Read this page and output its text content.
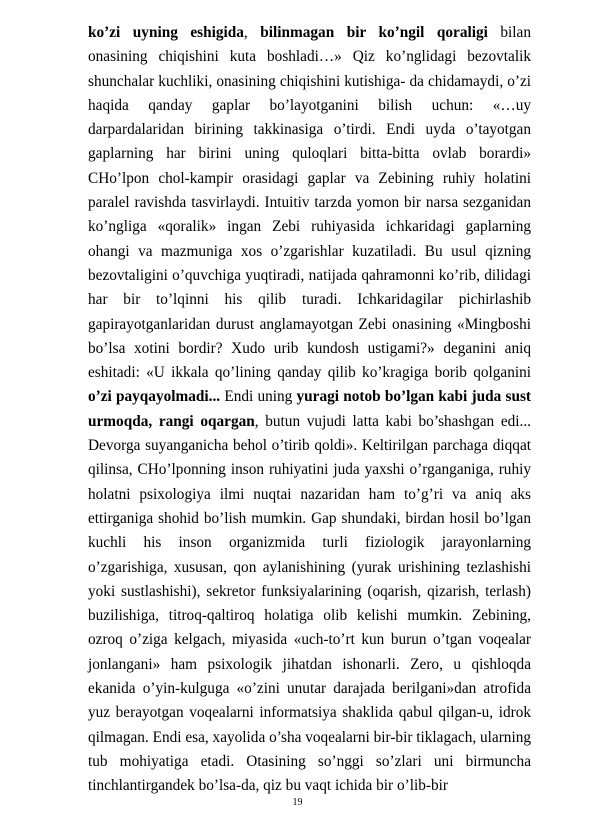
ko’zi uyning eshigida, bilinmagan bir ko’ngil qoraligi bilan onasining chiqishini kuta boshladi…» Qiz ko’nglidagi bezovtalik shunchalar kuchliki, onasining chiqishini kutishiga- da chidamaydi, o’zi haqida qanday gaplar bo’layotganini bilish uchun: «…uy darpardalaridan birining takkinasiga o’tirdi. Endi uyda o’tayotgan gaplarning har birini uning quloqlari bitta-bitta ovlab borardi» CHo’lpon chol-kampir orasidagi gaplar va Zebining ruhiy holatini paralel ravishda tasvirlaydi. Intuitiv tarzda yomon bir narsa sezganidan ko’ngliga «qoralik» ingan Zebi ruhiyasida ichkaridagi gaplarning ohangi va mazmuniga xos o’zgarishlar kuzatiladi. Bu usul qizning bezovtaligini o’quvchiga yuqtiradi, natijada qahramonni ko’rib, dilidagi har bir to’lqinni his qilib turadi. Ichkaridagilar pichirlashib gapirayotganlaridan durust anglamayotgan Zebi onasining «Mingboshi bo’lsa xotini bordir? Xudo urib kundosh ustigami?» deganini aniq eshitadi: «U ikkala qo’lining qanday qilib ko’kragiga borib qolganini o’zi payqayolmadi... Endi uning yuragi notob bo’lgan kabi juda sust urmoqda, rangi oqargan, butun vujudi latta kabi bo’shashgan edi... Devorga suyanganicha behol o’tirib qoldi». Keltirilgan parchaga diqqat qilinsa, CHo’lponning inson ruhiyatini juda yaxshi o’rganganiga, ruhiy holatni psixologiya ilmi nuqtai nazaridan ham to’g’ri va aniq aks ettirganiga shohid bo’lish mumkin. Gap shundaki, birdan hosil bo’lgan kuchli his inson organizmida turli fiziologik jarayonlarning o’zgarishiga, xususan, qon aylanishining (yurak urishining tezlashishi yoki sustlashishi), sekretor funksiyalarining (oqarish, qizarish, terlash) buzilishiga, titroq-qaltiroq holatiga olib kelishi mumkin. Zebining, ozroq o’ziga kelgach, miyasida «uch-to’rt kun burun o’tgan voqealar jonlangani» ham psixologik jihatdan ishonarli. Zero, u qishloqda ekanida o’yin-kulguga «o’zini unutar darajada berilgani»dan atrofida yuz berayotgan voqealarni informatsiya shaklida qabul qilgan-u, idrok qilmagan. Endi esa, xayolida o’sha voqealarni bir-bir tiklagach, ularning tub mohiyatiga etadi. Otasining so’nggi so’zlari uni birmuncha tinchlantirgandek bo’lsa-da, qiz bu vaqt ichida bir o’lib-bir

19
